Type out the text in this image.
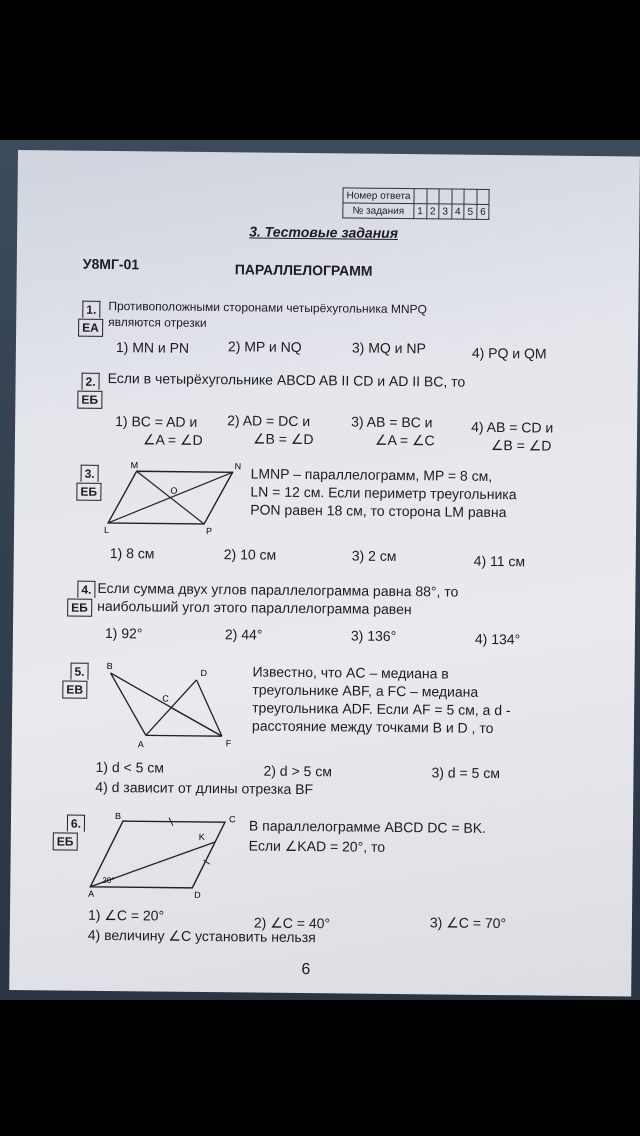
Номер ответа						
№ задания	1	2	3	4	5	6
3. Тестовые задания
У8МГ-01	ПАРАЛЛЕЛОГРАММ
1.
ЕА
Противоположными сторонами четырёхугольника MNPQ
являются отрезки
1) MN и PN	2) MP и NQ	3) MQ и NP	4) PQ и QM
2.
ЕБ
Если в четырёхугольнике ABCD AB II CD и AD II BC, то
1) BC = AD и
∠A = ∠D
2) AD = DC и
∠B = ∠D
3) AB = BC и
∠A = ∠C
4) AB = CD и
∠B = ∠D
3.
ЕБ
M	N
L	P
O
LMNP – параллелограмм, MP = 8 см,
LN = 12 см. Если периметр треугольника
PON равен 18 см, то сторона LM равна
1) 8 см	2) 10 см	3) 2 см	4) 11 см
4.
ЕБ
Если сумма двух углов параллелограмма равна 88°, то
наибольший угол этого параллелограмма равен
1) 92°	2) 44°	3) 136°	4) 134°
5.
ЕВ
B
D
C
A	F
Известно, что AC – медиана в
треугольнике ABF, а FC – медиана
треугольника ADF. Если AF = 5 см, а d -
расстояние между точками B и D , то
1) d < 5 см	2) d > 5 см	3) d = 5 см
4) d зависит от длины отрезка BF
6.
ЕБ
B	C
K
A	D
20°
В параллелограмме ABCD DC = BK.
Если ∠KAD = 20°, то
1) ∠C = 20°	2) ∠C = 40°	3) ∠C = 70°
4) величину ∠C установить нельзя
6
